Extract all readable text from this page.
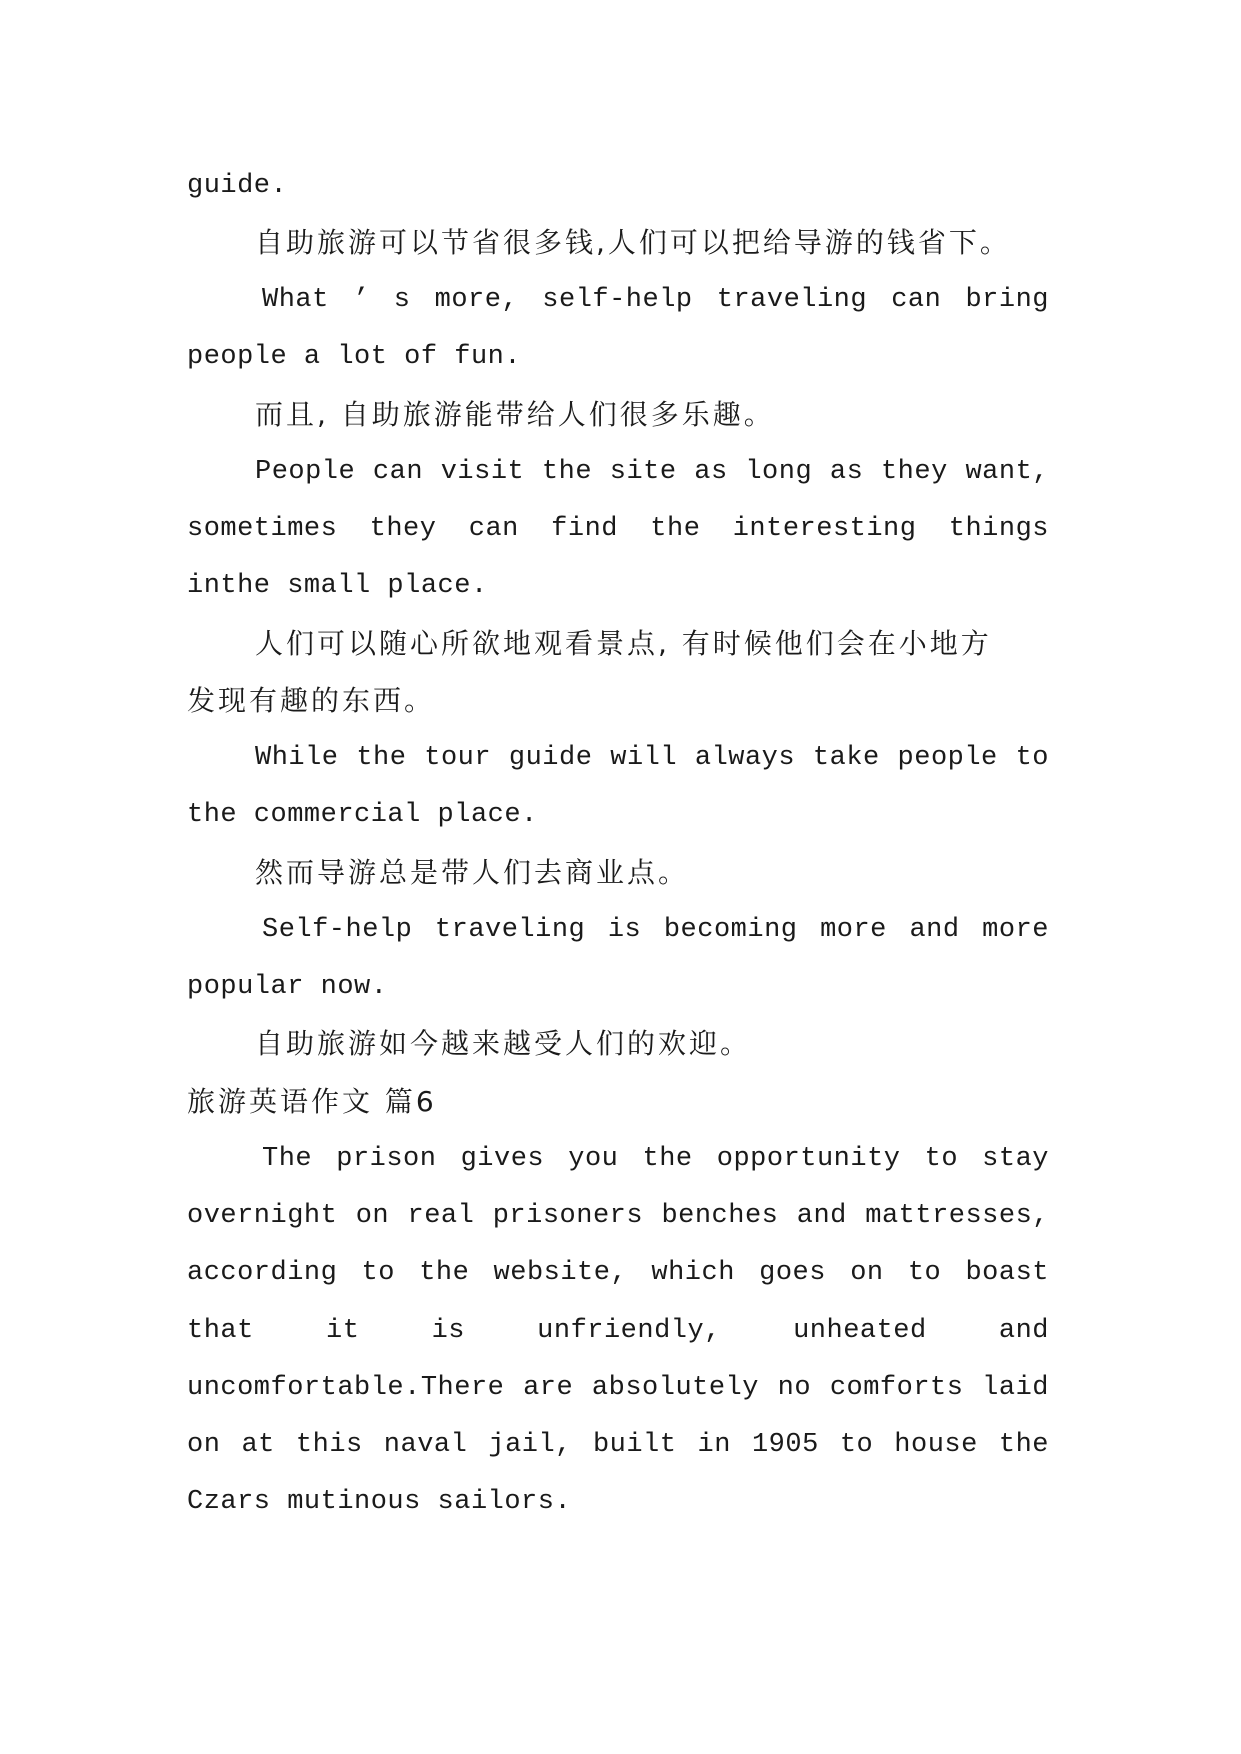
guide.
自助旅游可以节省很多钱,人们可以把给导游的钱省下。
What ’ s more, self-help traveling can bring
people a lot of fun.
而且, 自助旅游能带给人们很多乐趣。
People can visit the site as long as they want,
sometimes they can find the interesting things
inthe small place.
人们可以随心所欲地观看景点, 有时候他们会在小地方
发现有趣的东西。
While the tour guide will always take people to
the commercial place.
然而导游总是带人们去商业点。
Self-help traveling is becoming more and more
popular now.
自助旅游如今越来越受人们的欢迎。
旅游英语作文 篇6
The prison gives you the opportunity to stay
overnight on real prisoners benches and mattresses,
according to the website, which goes on to boast
that it is unfriendly, unheated and
uncomfortable.There are absolutely no comforts laid
on at this naval jail, built in 1905 to house the
Czars mutinous sailors.
